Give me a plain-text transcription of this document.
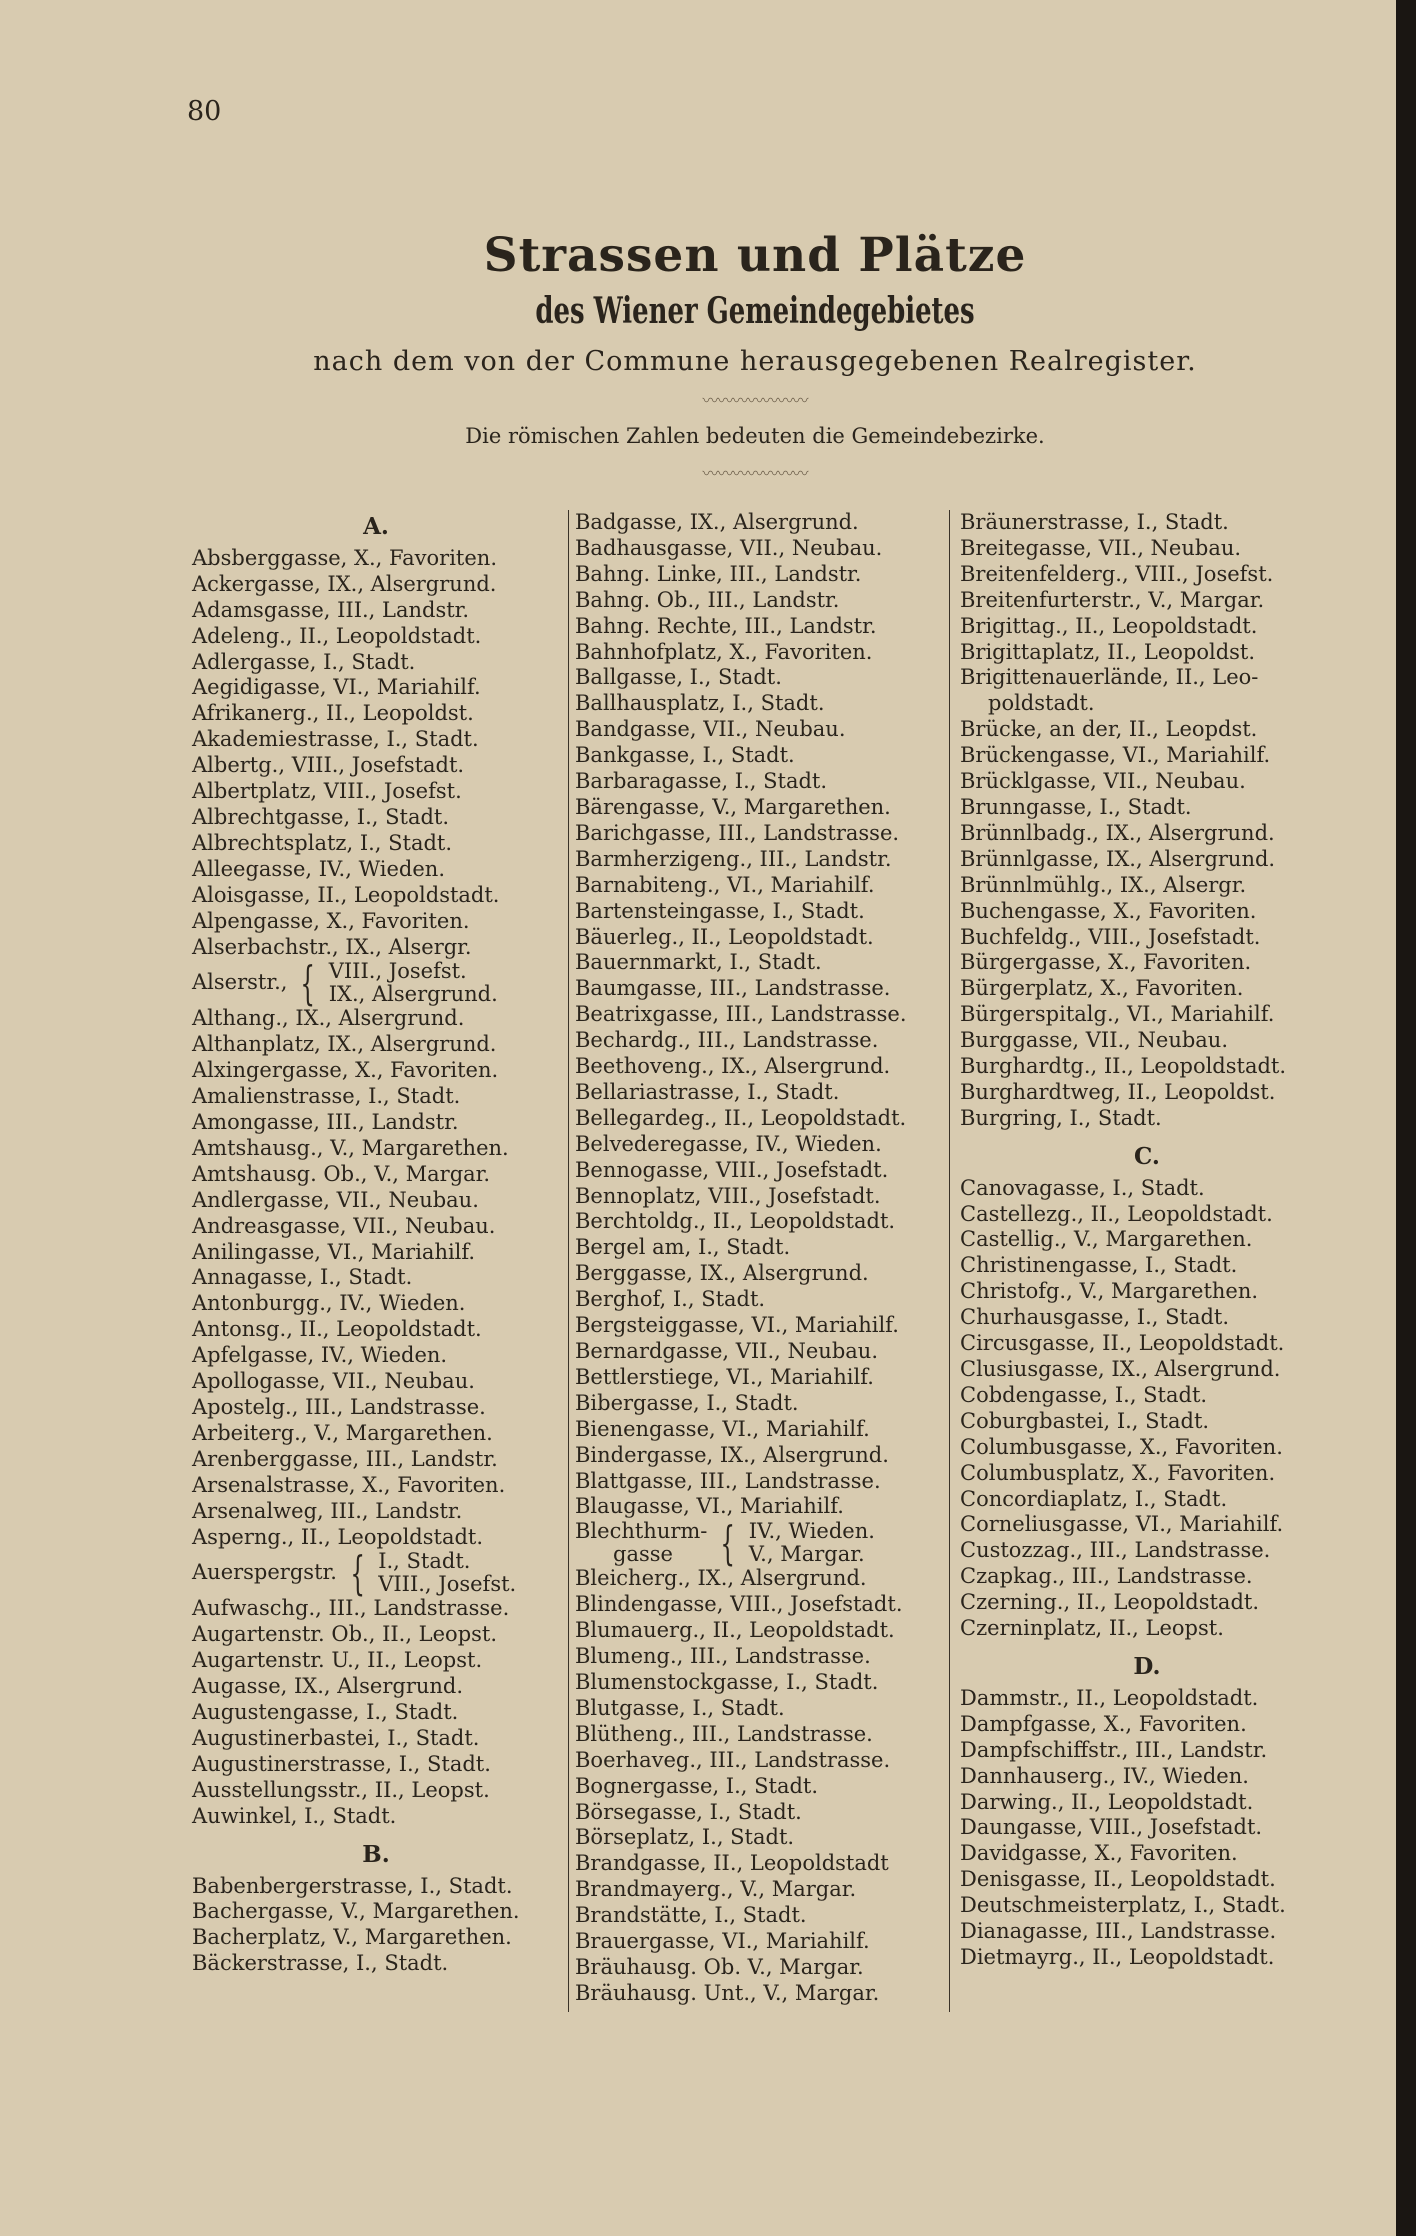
80
Strassen und Plätze
des Wiener Gemeindegebietes
nach dem von der Commune herausgegebenen Realregister.
〰〰〰〰〰〰〰
Die römischen Zahlen bedeuten die Gemeindebezirke.
〰〰〰〰〰〰〰
A.
Absberggasse, X., Favoriten.
Ackergasse, IX., Alsergrund.
Adamsgasse, III., Landstr.
Adeleng., II., Leopoldstadt.
Adlergasse, I., Stadt.
Aegidigasse, VI., Mariahilf.
Afrikanerg., II., Leopoldst.
Akademiestrasse, I., Stadt.
Albertg., VIII., Josefstadt.
Albertplatz, VIII., Josefst.
Albrechtgasse, I., Stadt.
Albrechtsplatz, I., Stadt.
Alleegasse, IV., Wieden.
Aloisgasse, II., Leopoldstadt.
Alpengasse, X., Favoriten.
Alserbachstr., IX., Alsergr.
Alserstr., { VIII., Josefst.
IX., Alsergrund.
Althang., IX., Alsergrund.
Althanplatz, IX., Alsergrund.
Alxingergasse, X., Favoriten.
Amalienstrasse, I., Stadt.
Amongasse, III., Landstr.
Amtshausg., V., Margarethen.
Amtshausg. Ob., V., Margar.
Andlergasse, VII., Neubau.
Andreasgasse, VII., Neubau.
Anilingasse, VI., Mariahilf.
Annagasse, I., Stadt.
Antonburgg., IV., Wieden.
Antonsg., II., Leopoldstadt.
Apfelgasse, IV., Wieden.
Apollogasse, VII., Neubau.
Apostelg., III., Landstrasse.
Arbeiterg., V., Margarethen.
Arenberggasse, III., Landstr.
Arsenalstrasse, X., Favoriten.
Arsenalweg, III., Landstr.
Asperng., II., Leopoldstadt.
Auerspergstr. { I., Stadt.
VIII., Josefst.
Aufwaschg., III., Landstrasse.
Augartenstr. Ob., II., Leopst.
Augartenstr. U., II., Leopst.
Augasse, IX., Alsergrund.
Augustengasse, I., Stadt.
Augustinerbastei, I., Stadt.
Augustinerstrasse, I., Stadt.
Ausstellungsstr., II., Leopst.
Auwinkel, I., Stadt.
B.
Babenbergerstrasse, I., Stadt.
Bachergasse, V., Margarethen.
Bacherplatz, V., Margarethen.
Bäckerstrasse, I., Stadt.
Badgasse, IX., Alsergrund.
Badhausgasse, VII., Neubau.
Bahng. Linke, III., Landstr.
Bahng. Ob., III., Landstr.
Bahng. Rechte, III., Landstr.
Bahnhofplatz, X., Favoriten.
Ballgasse, I., Stadt.
Ballhausplatz, I., Stadt.
Bandgasse, VII., Neubau.
Bankgasse, I., Stadt.
Barbaragasse, I., Stadt.
Bärengasse, V., Margarethen.
Barichgasse, III., Landstrasse.
Barmherzigeng., III., Landstr.
Barnabiteng., VI., Mariahilf.
Bartensteingasse, I., Stadt.
Bäuerleg., II., Leopoldstadt.
Bauernmarkt, I., Stadt.
Baumgasse, III., Landstrasse.
Beatrixgasse, III., Landstrasse.
Bechardg., III., Landstrasse.
Beethoveng., IX., Alsergrund.
Bellariastrasse, I., Stadt.
Bellegardeg., II., Leopoldstadt.
Belvederegasse, IV., Wieden.
Bennogasse, VIII., Josefstadt.
Bennoplatz, VIII., Josefstadt.
Berchtoldg., II., Leopoldstadt.
Bergel am, I., Stadt.
Berggasse, IX., Alsergrund.
Berghof, I., Stadt.
Bergsteiggasse, VI., Mariahilf.
Bernardgasse, VII., Neubau.
Bettlerstiege, VI., Mariahilf.
Bibergasse, I., Stadt.
Bienengasse, VI., Mariahilf.
Bindergasse, IX., Alsergrund.
Blattgasse, III., Landstrasse.
Blaugasse, VI., Mariahilf.
Blechthurm-
gasse	{ IV., Wieden.
V., Margar.
Bleicherg., IX., Alsergrund.
Blindengasse, VIII., Josefstadt.
Blumauerg., II., Leopoldstadt.
Blumeng., III., Landstrasse.
Blumenstockgasse, I., Stadt.
Blutgasse, I., Stadt.
Blütheng., III., Landstrasse.
Boerhaveg., III., Landstrasse.
Bognergasse, I., Stadt.
Börsegasse, I., Stadt.
Börseplatz, I., Stadt.
Brandgasse, II., Leopoldstadt
Brandmayerg., V., Margar.
Brandstätte, I., Stadt.
Brauergasse, VI., Mariahilf.
Bräuhausg. Ob. V., Margar.
Bräuhausg. Unt., V., Margar.
Bräunerstrasse, I., Stadt.
Breitegasse, VII., Neubau.
Breitenfelderg., VIII., Josefst.
Breitenfurterstr., V., Margar.
Brigittag., II., Leopoldstadt.
Brigittaplatz, II., Leopoldst.
Brigittenauerlände, II., Leo-
poldstadt.
Brücke, an der, II., Leopdst.
Brückengasse, VI., Mariahilf.
Brücklgasse, VII., Neubau.
Brunngasse, I., Stadt.
Brünnlbadg., IX., Alsergrund.
Brünnlgasse, IX., Alsergrund.
Brünnlmühlg., IX., Alsergr.
Buchengasse, X., Favoriten.
Buchfeldg., VIII., Josefstadt.
Bürgergasse, X., Favoriten.
Bürgerplatz, X., Favoriten.
Bürgerspitalg., VI., Mariahilf.
Burggasse, VII., Neubau.
Burghardtg., II., Leopoldstadt.
Burghardtweg, II., Leopoldst.
Burgring, I., Stadt.
C.
Canovagasse, I., Stadt.
Castellezg., II., Leopoldstadt.
Castellig., V., Margarethen.
Christinengasse, I., Stadt.
Christofg., V., Margarethen.
Churhausgasse, I., Stadt.
Circusgasse, II., Leopoldstadt.
Clusiusgasse, IX., Alsergrund.
Cobdengasse, I., Stadt.
Coburgbastei, I., Stadt.
Columbusgasse, X., Favoriten.
Columbusplatz, X., Favoriten.
Concordiaplatz, I., Stadt.
Corneliusgasse, VI., Mariahilf.
Custozzag., III., Landstrasse.
Czapkag., III., Landstrasse.
Czerning., II., Leopoldstadt.
Czerninplatz, II., Leopst.
D.
Dammstr., II., Leopoldstadt.
Dampfgasse, X., Favoriten.
Dampfschiffstr., III., Landstr.
Dannhauserg., IV., Wieden.
Darwing., II., Leopoldstadt.
Daungasse, VIII., Josefstadt.
Davidgasse, X., Favoriten.
Denisgasse, II., Leopoldstadt.
Deutschmeisterplatz, I., Stadt.
Dianagasse, III., Landstrasse.
Dietmayrg., II., Leopoldstadt.
